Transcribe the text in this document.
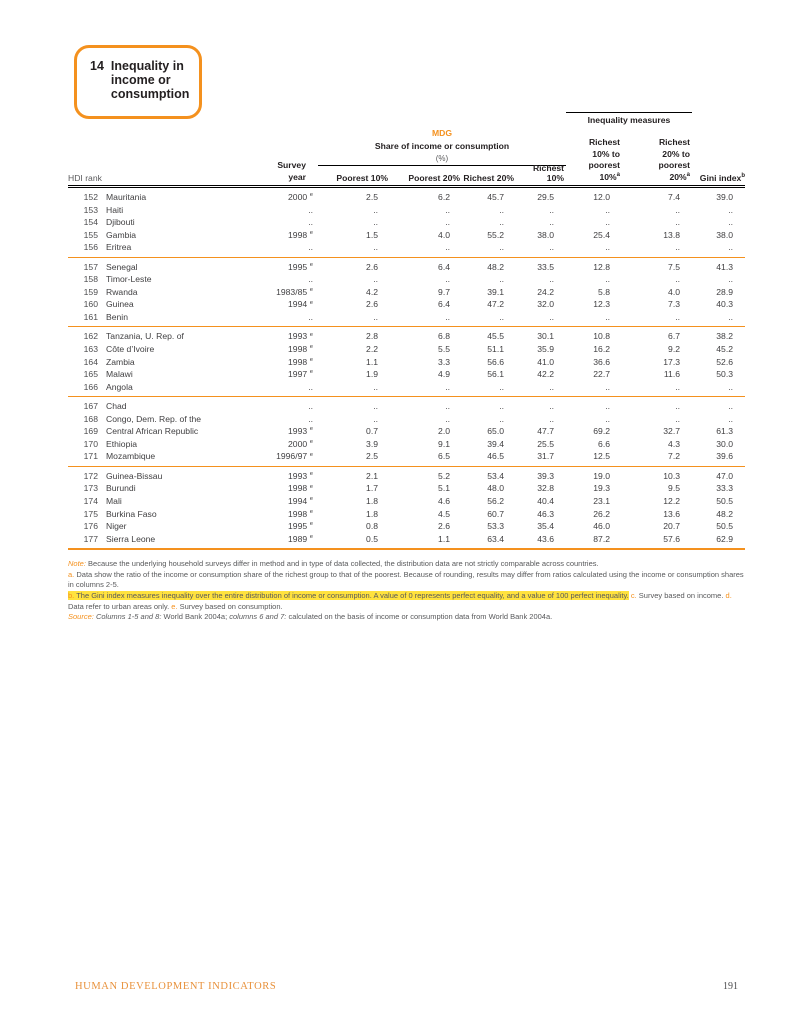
14 Inequality in
income or
consumption
HDI rank
Survey
year
Inequality measures
MDG
Share of income or consumption
(%)
Richest
10% to
poorest
10%$^a$
Richest
20% to
poorest
20%$^a$	Gini index$^b$
Poorest 10%	Poorest 20% Richest 20%
Richest 10%
152 Mauritania	2000 $^e$	2.5	6.2	45.7	29.5	12.0	7.4	39.0
153 Haiti	..	..	..	..	..	..	..	..
154 Djibouti	..	..	..	..	..	..	..	..
155 Gambia	1998 $^e$	1.5	4.0	55.2	38.0	25.4	13.8	38.0
156 Eritrea	..	..	..	..	..	..	..	..
157 Senegal	1995 $^e$	2.6	6.4	48.2	33.5	12.8	7.5	41.3
158 Timor-Leste	..	..	..	..	..	..	..	..
159 Rwanda	1983/85 $^e$	4.2	9.7	39.1	24.2	5.8	4.0	28.9
160 Guinea	1994 $^e$	2.6	6.4	47.2	32.0	12.3	7.3	40.3
161 Benin	..	..	..	..	..	..	..	..
162 Tanzania, U. Rep. of	1993 $^e$	2.8	6.8	45.5	30.1	10.8	6.7	38.2
163 Côte d’Ivoire	1998 $^e$	2.2	5.5	51.1	35.9	16.2	9.2	45.2
164 Zambia	1998 $^e$	1.1	3.3	56.6	41.0	36.6	17.3	52.6
165 Malawi	1997 $^e$	1.9	4.9	56.1	42.2	22.7	11.6	50.3
166 Angola	..	..	..	..	..	..	..	..
167 Chad	..	..	..	..	..	..	..	..
168 Congo, Dem. Rep. of the	..	..	..	..	..	..	..	..
169 Central African Republic	1993 $^e$	0.7	2.0	65.0	47.7	69.2	32.7	61.3
170 Ethiopia	2000 $^e$	3.9	9.1	39.4	25.5	6.6	4.3	30.0
171 Mozambique	1996/97 $^e$	2.5	6.5	46.5	31.7	12.5	7.2	39.6
172 Guinea-Bissau	1993 $^e$	2.1	5.2	53.4	39.3	19.0	10.3	47.0
173 Burundi	1998 $^e$	1.7	5.1	48.0	32.8	19.3	9.5	33.3
174 Mali	1994 $^e$	1.8	4.6	56.2	40.4	23.1	12.2	50.5
175 Burkina Faso	1998 $^e$	1.8	4.5	60.7	46.3	26.2	13.6	48.2
176 Niger	1995 $^e$	0.8	2.6	53.3	35.4	46.0	20.7	50.5
177 Sierra Leone	1989 $^e$	0.5	1.1	63.4	43.6	87.2	57.6	62.9

Note: Because the underlying household surveys differ in method and in type of data collected, the distribution data are not strictly comparable across countries.

a. Data show the ratio of the income or consumption share of the richest group to that of the poorest. Because of rounding, results may differ from ratios calculated using the income or consumption shares in columns 2-5.

b. The Gini index measures inequality over the entire distribution of income or consumption. A value of 0 represents perfect equality, and a value of 100 perfect inequality. c. Survey based on income. d. Data refer to urban areas only. e. Survey based on consumption.

Source: Columns 1-5 and 8: World Bank 2004a; columns 6 and 7: calculated on the basis of income or consumption data from World Bank 2004a.

HUMAN DEVELOPMENT INDICATORS	191
